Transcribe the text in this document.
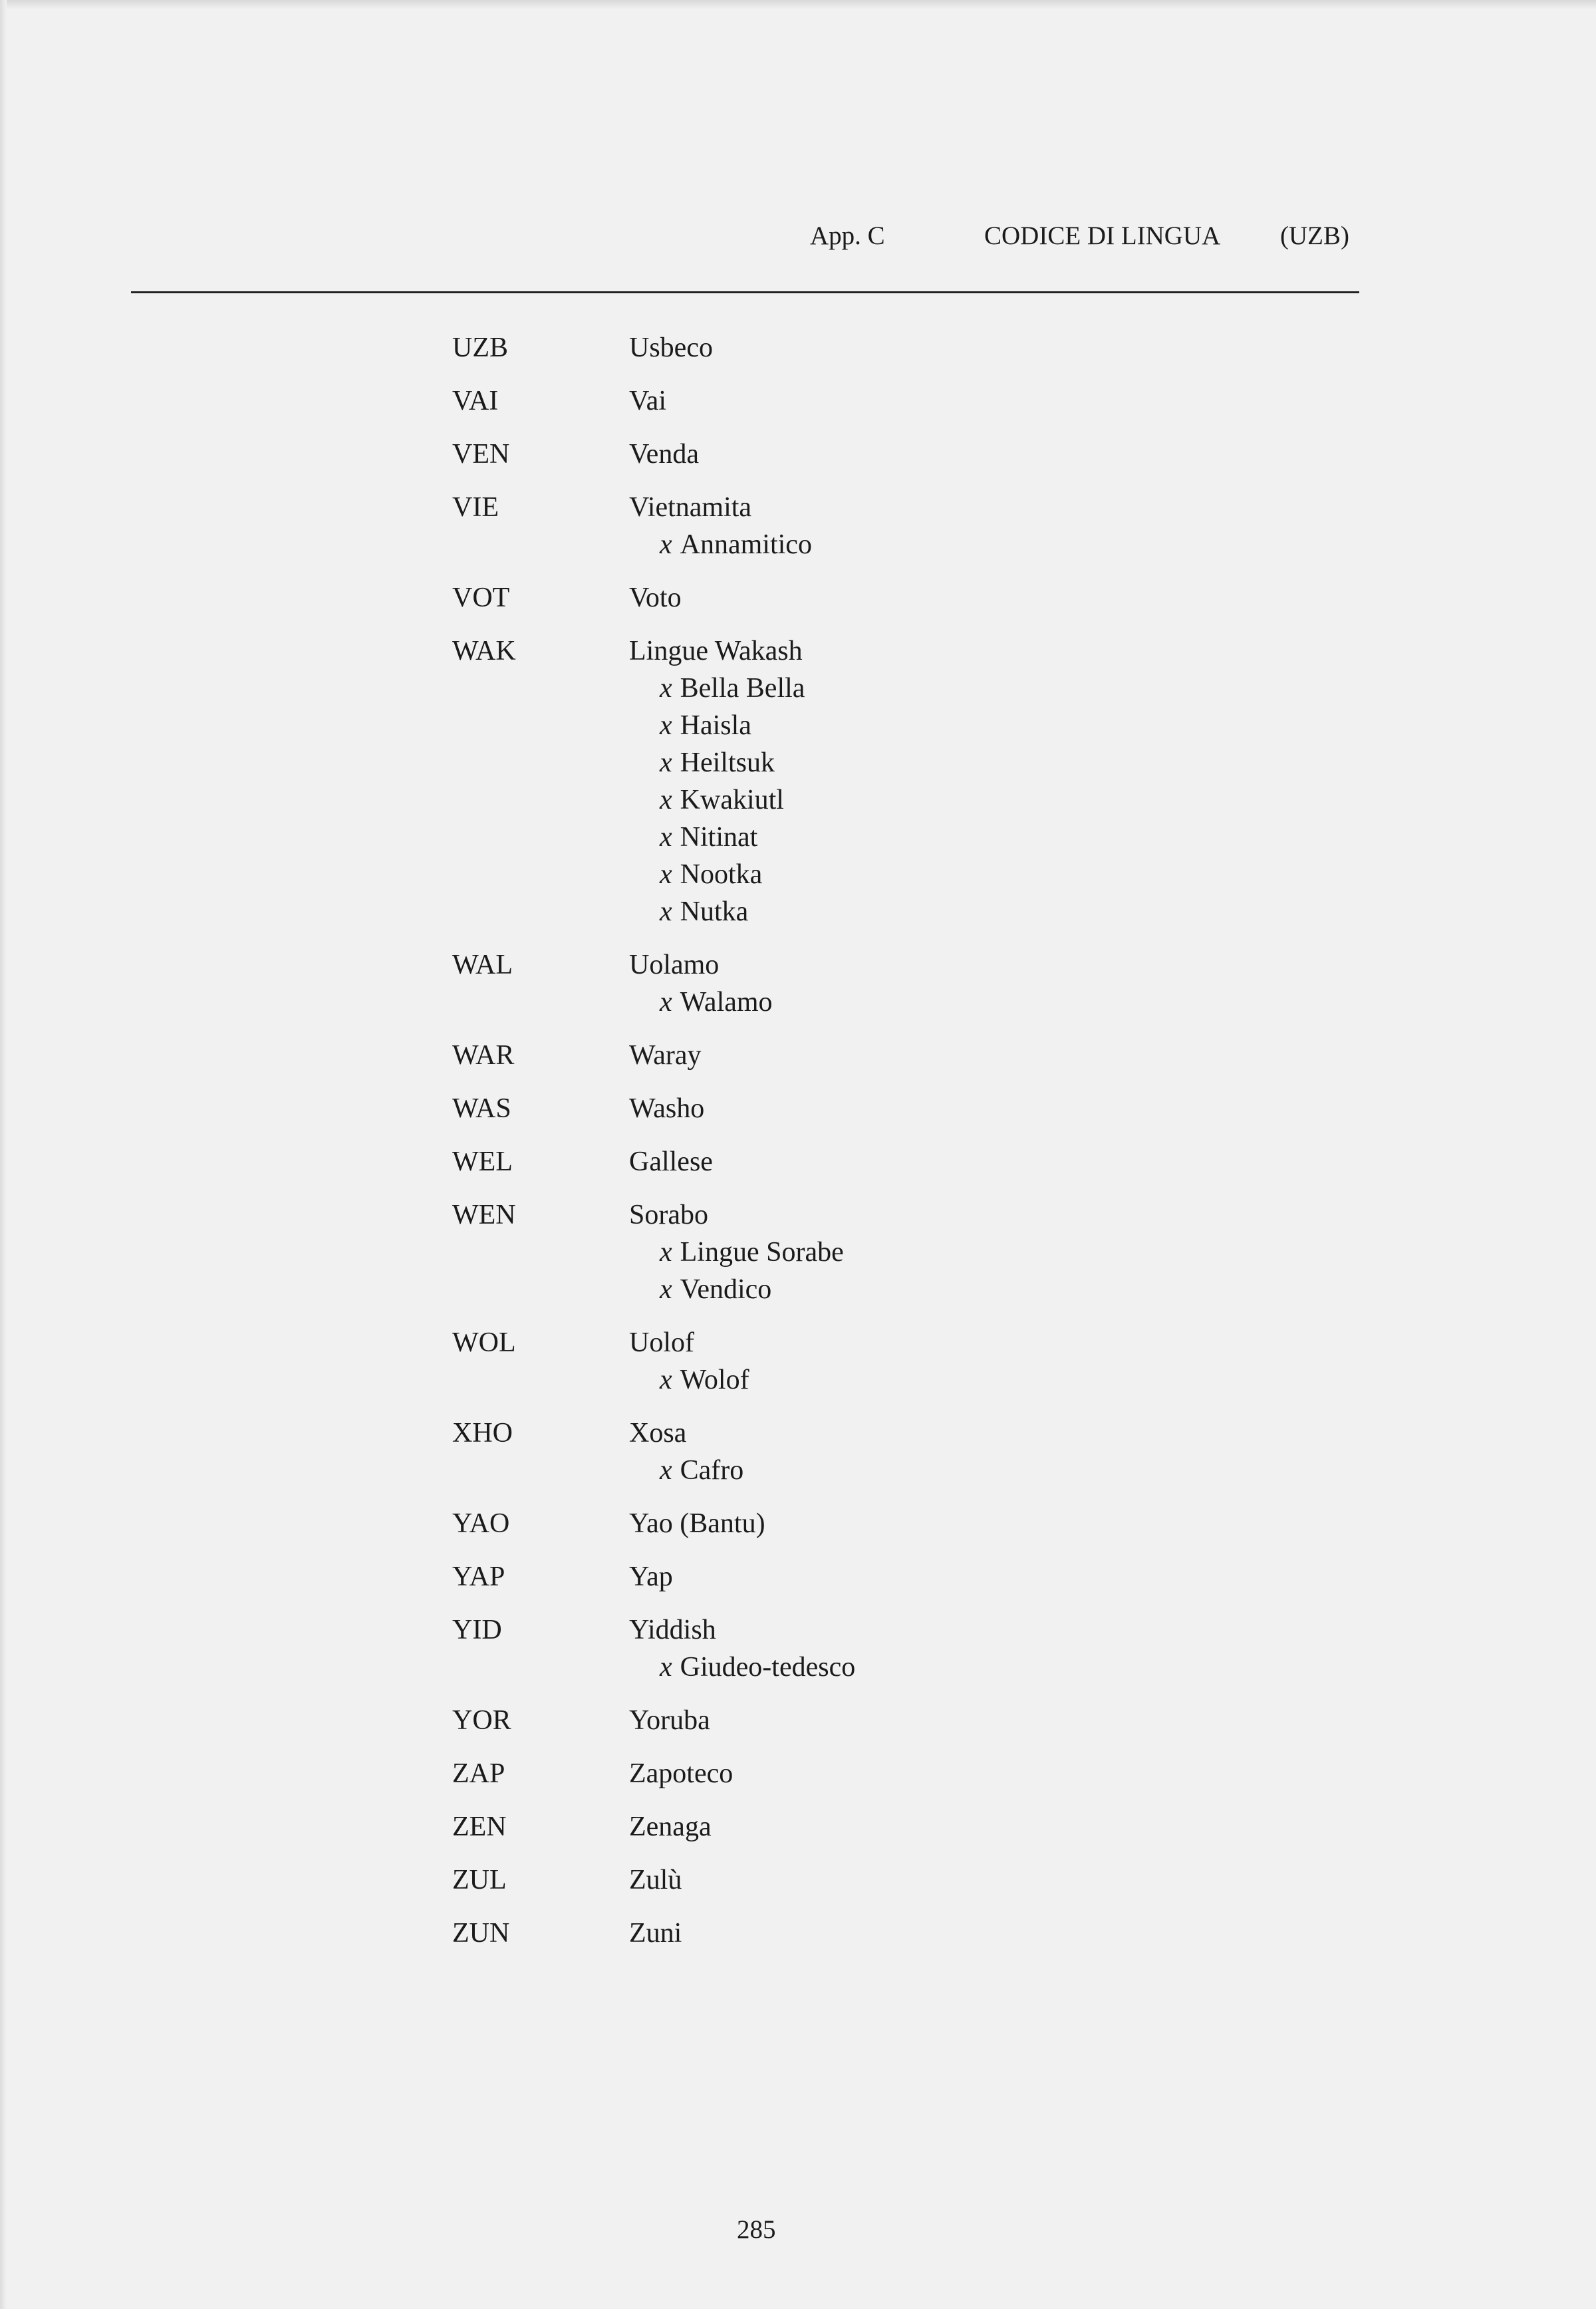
App. C	CODICE DI LINGUA (UZB)
UZB	Usbeco
VAI	Vai
VEN	Venda
VIE	Vietnamita
x Annamitico
VOT	Voto
WAK	Lingue Wakash
x Bella Bella
x Haisla
x Heiltsuk
x Kwakiutl
x Nitinat
x Nootka
x Nutka
WAL	Uolamo
x Walamo
WAR	Waray
WAS	Washo
WEL	Gallese
WEN	Sorabo
x Lingue Sorabe
x Vendico
WOL	Uolof
x Wolof
XHO	Xosa
x Cafro
YAO	Yao (Bantu)
YAP	Yap
YID	Yiddish
x Giudeo-tedesco
YOR	Yoruba
ZAP	Zapoteco
ZEN	Zenaga
ZUL	Zulù
ZUN	Zuni
285
